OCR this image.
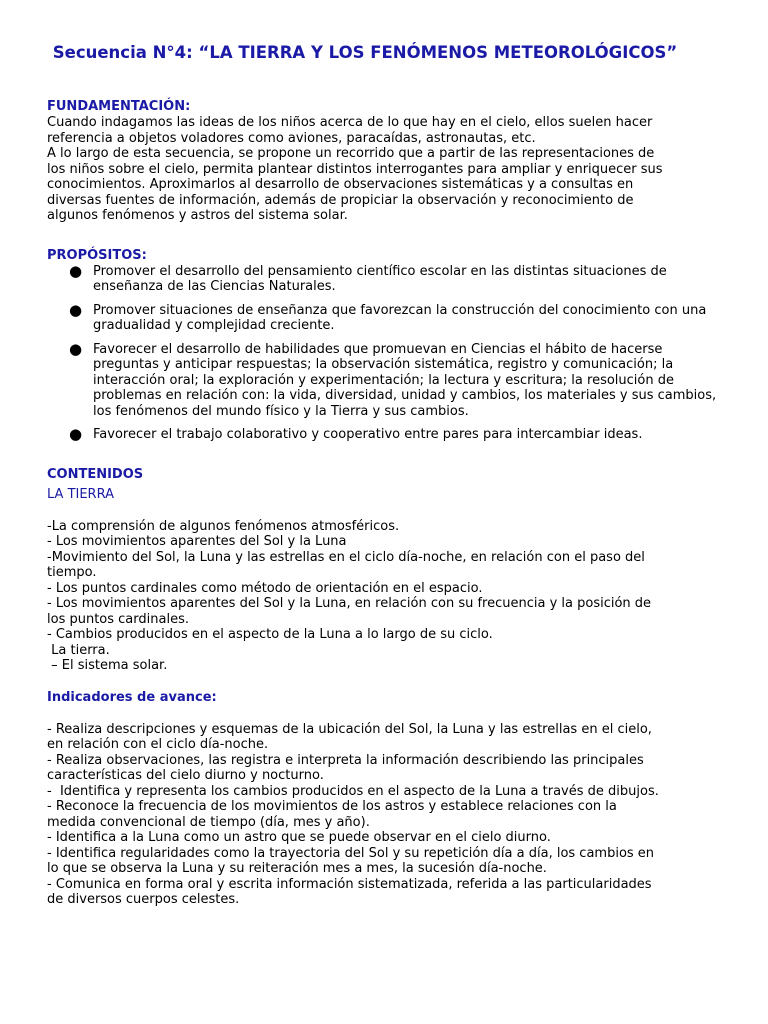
Secuencia N°4: “LA TIERRA Y LOS FENÓMENOS METEOROLÓGICOS”
FUNDAMENTACIÓN:
Cuando indagamos las ideas de los niños acerca de lo que hay en el cielo, ellos suelen hacer
referencia a objetos voladores como aviones, paracaídas, astronautas, etc.
A lo largo de esta secuencia, se propone un recorrido que a partir de las representaciones de
los niños sobre el cielo, permita plantear distintos interrogantes para ampliar y enriquecer sus
conocimientos. Aproximarlos al desarrollo de observaciones sistemáticas y a consultas en
diversas fuentes de información, además de propiciar la observación y reconocimiento de
algunos fenómenos y astros del sistema solar.
PROPÓSITOS:
● Promover el desarrollo del pensamiento científico escolar en las distintas situaciones de enseñanza de las Ciencias Naturales.
● Promover situaciones de enseñanza que favorezcan la construcción del conocimiento con una gradualidad y complejidad creciente.
● Favorecer el desarrollo de habilidades que promuevan en Ciencias el hábito de hacerse preguntas y anticipar respuestas; la observación sistemática, registro y comunicación; la interacción oral; la exploración y experimentación; la lectura y escritura; la resolución de problemas en relación con: la vida, diversidad, unidad y cambios, los materiales y sus cambios, los fenómenos del mundo físico y la Tierra y sus cambios.
● Favorecer el trabajo colaborativo y cooperativo entre pares para intercambiar ideas.
CONTENIDOS
LA TIERRA
-La comprensión de algunos fenómenos atmosféricos.
- Los movimientos aparentes del Sol y la Luna
-Movimiento del Sol, la Luna y las estrellas en el ciclo día-noche, en relación con el paso del
tiempo.
- Los puntos cardinales como método de orientación en el espacio.
- Los movimientos aparentes del Sol y la Luna, en relación con su frecuencia y la posición de
los puntos cardinales.
- Cambios producidos en el aspecto de la Luna a lo largo de su ciclo.
La tierra.
– El sistema solar.
Indicadores de avance:
- Realiza descripciones y esquemas de la ubicación del Sol, la Luna y las estrellas en el cielo,
en relación con el ciclo día-noche.
- Realiza observaciones, las registra e interpreta la información describiendo las principales
características del cielo diurno y nocturno.
-  Identifica y representa los cambios producidos en el aspecto de la Luna a través de dibujos.
- Reconoce la frecuencia de los movimientos de los astros y establece relaciones con la
medida convencional de tiempo (día, mes y año).
- Identifica a la Luna como un astro que se puede observar en el cielo diurno.
- Identifica regularidades como la trayectoria del Sol y su repetición día a día, los cambios en
lo que se observa la Luna y su reiteración mes a mes, la sucesión día-noche.
- Comunica en forma oral y escrita información sistematizada, referida a las particularidades
de diversos cuerpos celestes.
